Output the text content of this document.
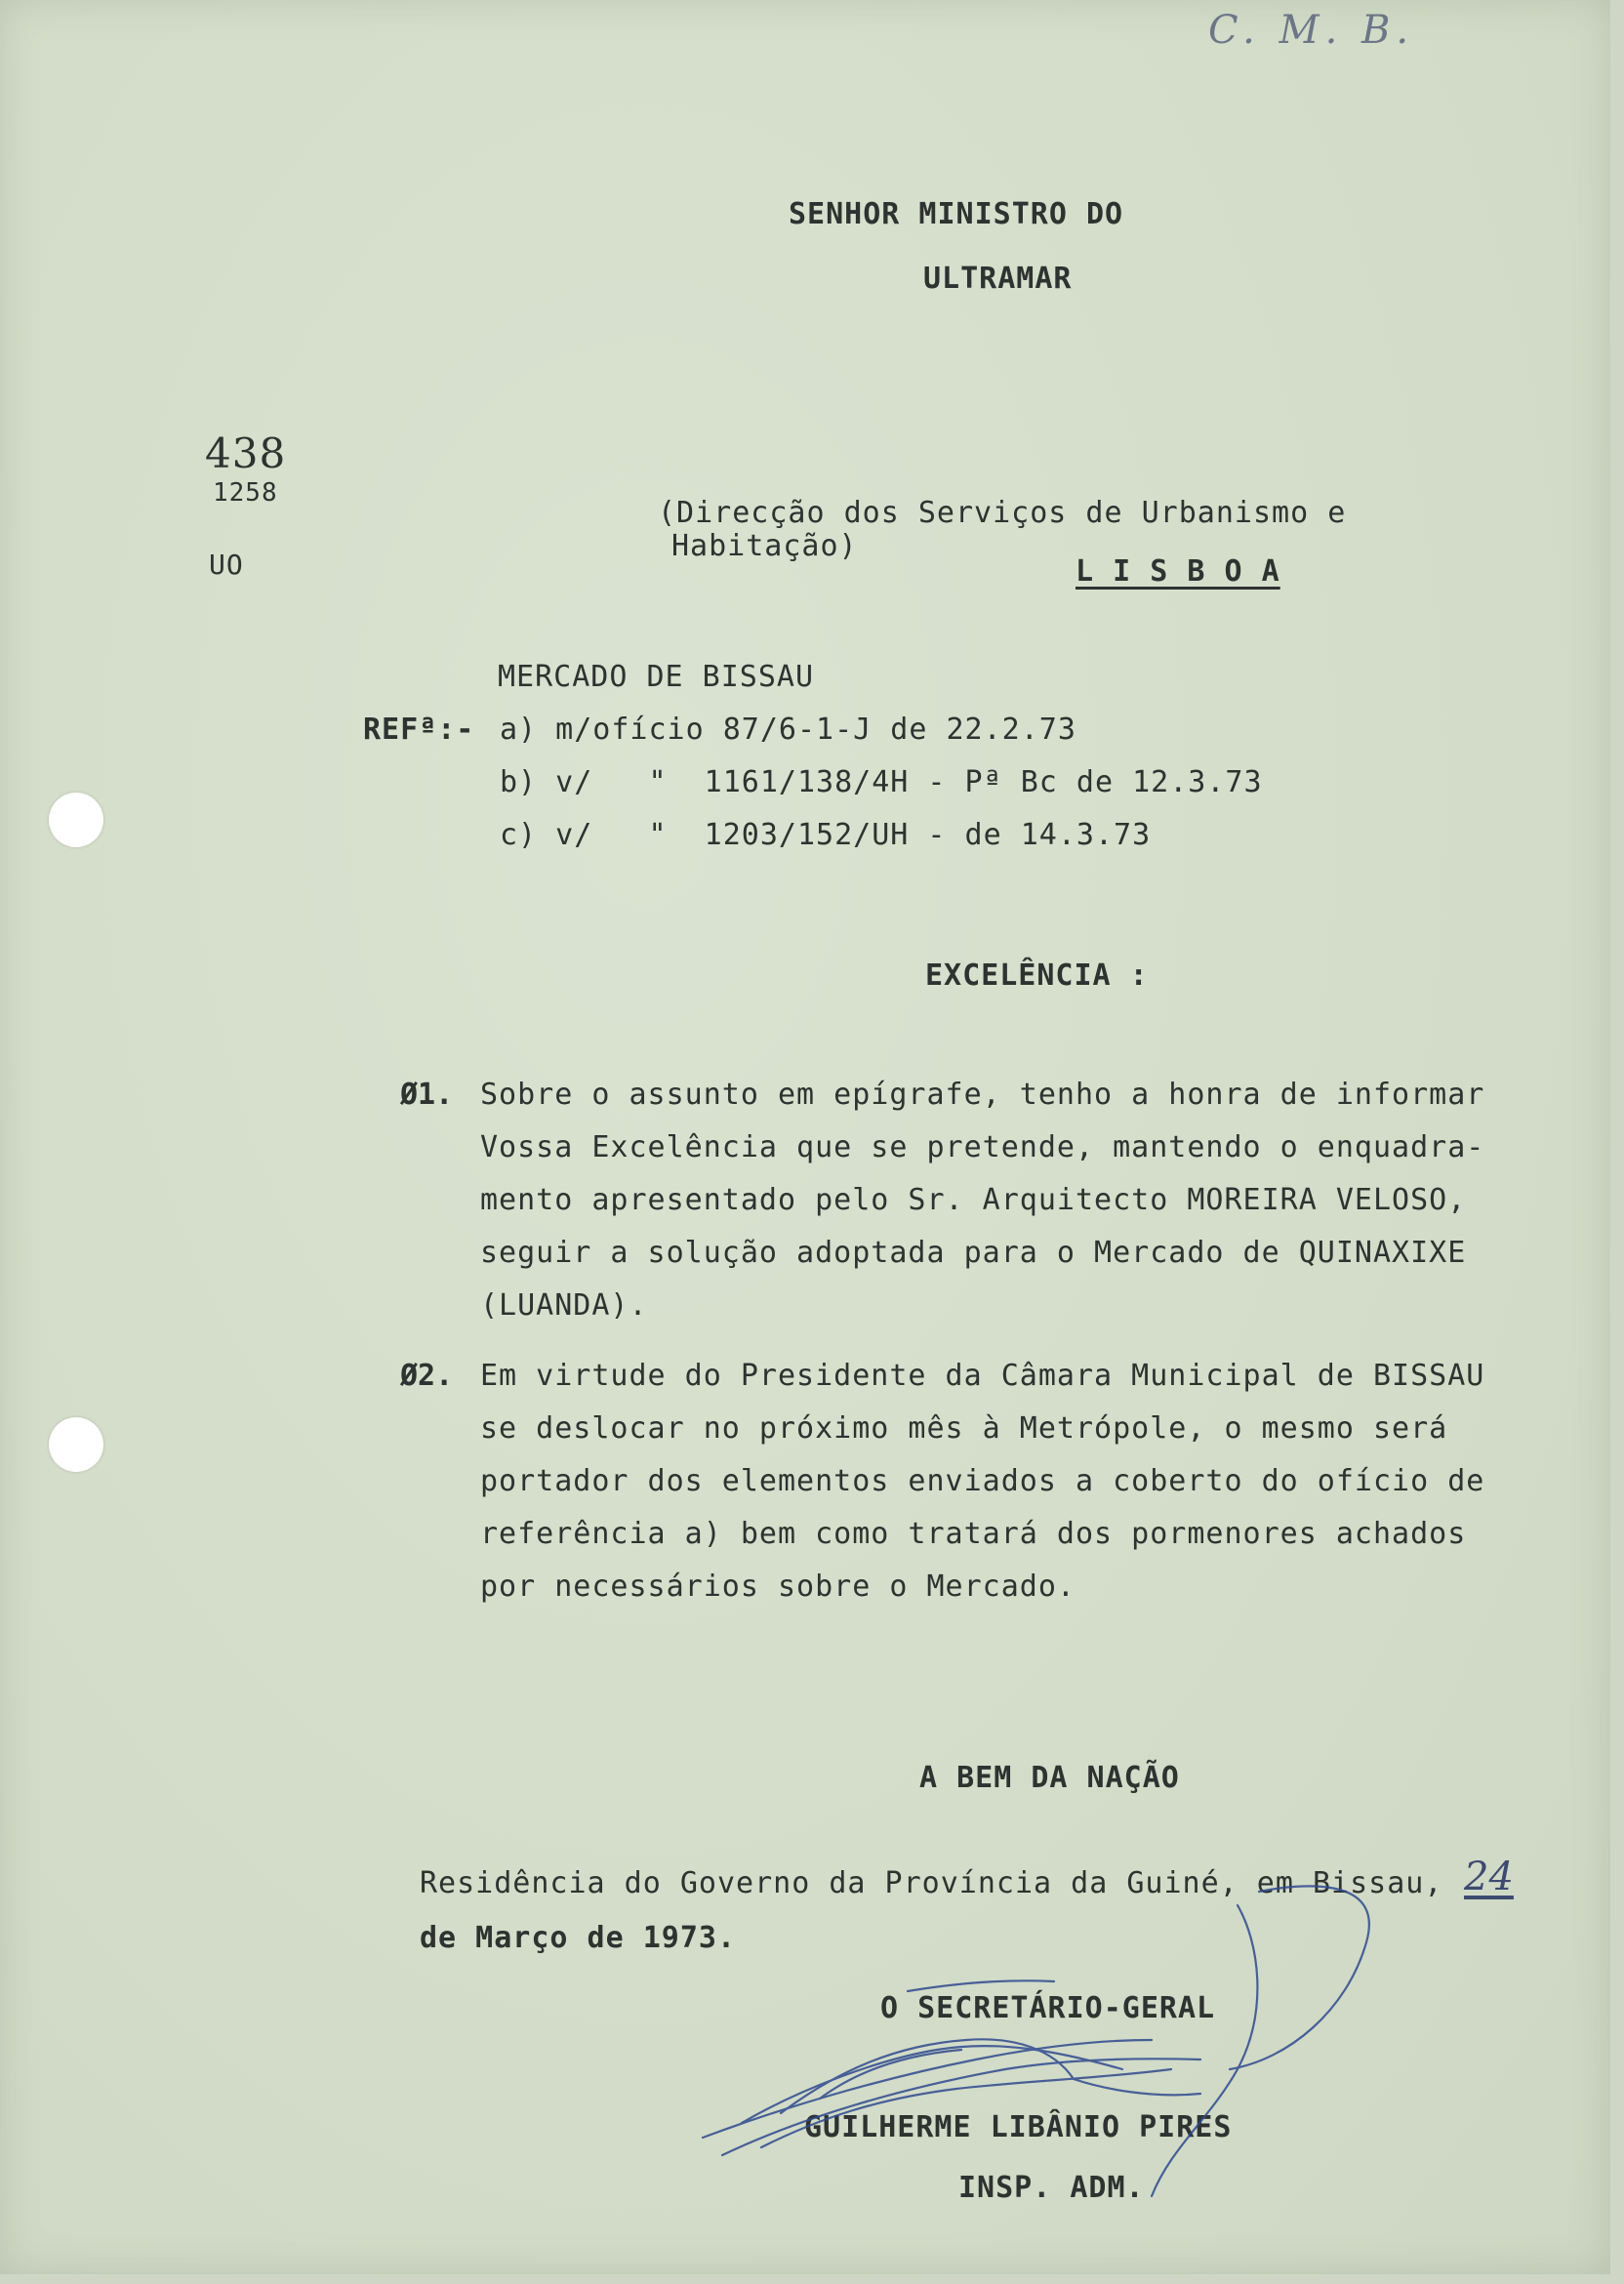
C. M. B.
SENHOR MINISTRO DO
ULTRAMAR
438
1258
UO
(Direcção dos Serviços de Urbanismo e
Habitação)
L I S B O A
MERCADO DE BISSAU
REFª:- a) m/ofício 87/6-1-J de 22.2.73
b) v/   "  1161/138/4H - Pª Bc de 12.3.73
c) v/   "  1203/152/UH - de 14.3.73
EXCELÊNCIA :
Ø1. Sobre o assunto em epígrafe, tenho a honra de informar
Vossa Excelência que se pretende, mantendo o enquadra-
mento apresentado pelo Sr. Arquitecto MOREIRA VELOSO,
seguir a solução adoptada para o Mercado de QUINAXIXE
(LUANDA).
Ø2. Em virtude do Presidente da Câmara Municipal de BISSAU
se deslocar no próximo mês à Metrópole, o mesmo será
portador dos elementos enviados a coberto do ofício de
referência a) bem como tratará dos pormenores achados
por necessários sobre o Mercado.
A BEM DA NAÇÃO
Residência do Governo da Província da Guiné, em Bissau, 24
de Março de 1973.
O SECRETÁRIO-GERAL
GUILHERME LIBÂNIO PIRES
INSP. ADM.
